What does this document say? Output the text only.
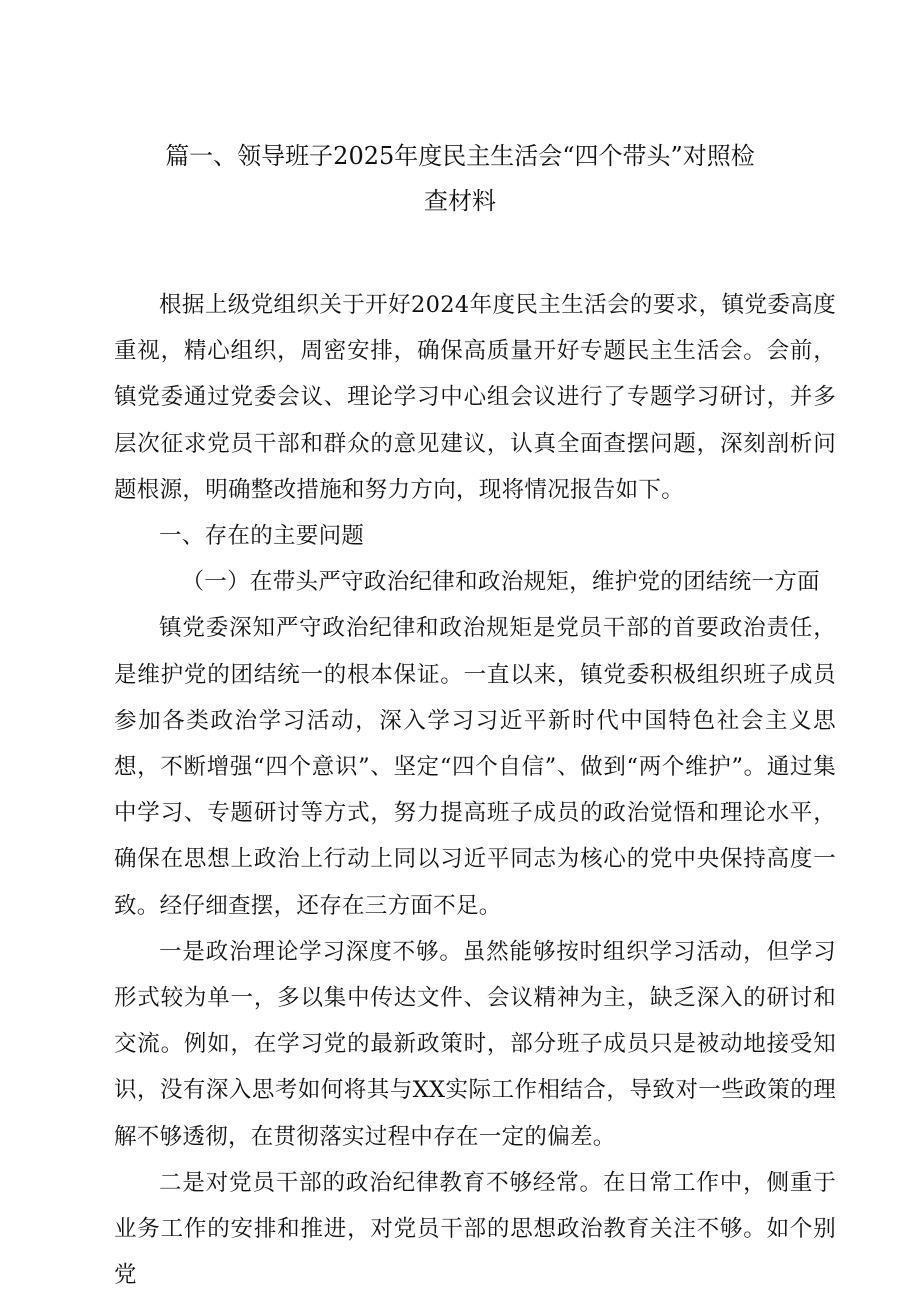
篇一、领导班子2025年度民主生活会“四个带头”对照检
查材料

根据上级党组织关于开好2024年度民主生活会的要求，镇党委高度重视，精心组织，周密安排，确保高质量开好专题民主生活会。会前，镇党委通过党委会议、理论学习中心组会议进行了专题学习研讨，并多层次征求党员干部和群众的意见建议，认真全面查摆问题，深刻剖析问题根源，明确整改措施和努力方向，现将情况报告如下。

一、存在的主要问题

（一）在带头严守政治纪律和政治规矩，维护党的团结统一方面

镇党委深知严守政治纪律和政治规矩是党员干部的首要政治责任，是维护党的团结统一的根本保证。一直以来，镇党委积极组织班子成员参加各类政治学习活动，深入学习习近平新时代中国特色社会主义思想，不断增强“四个意识”、坚定“四个自信”、做到“两个维护”。通过集中学习、专题研讨等方式，努力提高班子成员的政治觉悟和理论水平，确保在思想上政治上行动上同以习近平同志为核心的党中央保持高度一致。经仔细查摆，还存在三方面不足。

一是政治理论学习深度不够。虽然能够按时组织学习活动，但学习形式较为单一，多以集中传达文件、会议精神为主，缺乏深入的研讨和交流。例如，在学习党的最新政策时，部分班子成员只是被动地接受知识，没有深入思考如何将其与XX实际工作相结合，导致对一些政策的理解不够透彻，在贯彻落实过程中存在一定的偏差。

二是对党员干部的政治纪律教育不够经常。在日常工作中，侧重于业务工作的安排和推进，对党员干部的思想政治教育关注不够。如个别党
